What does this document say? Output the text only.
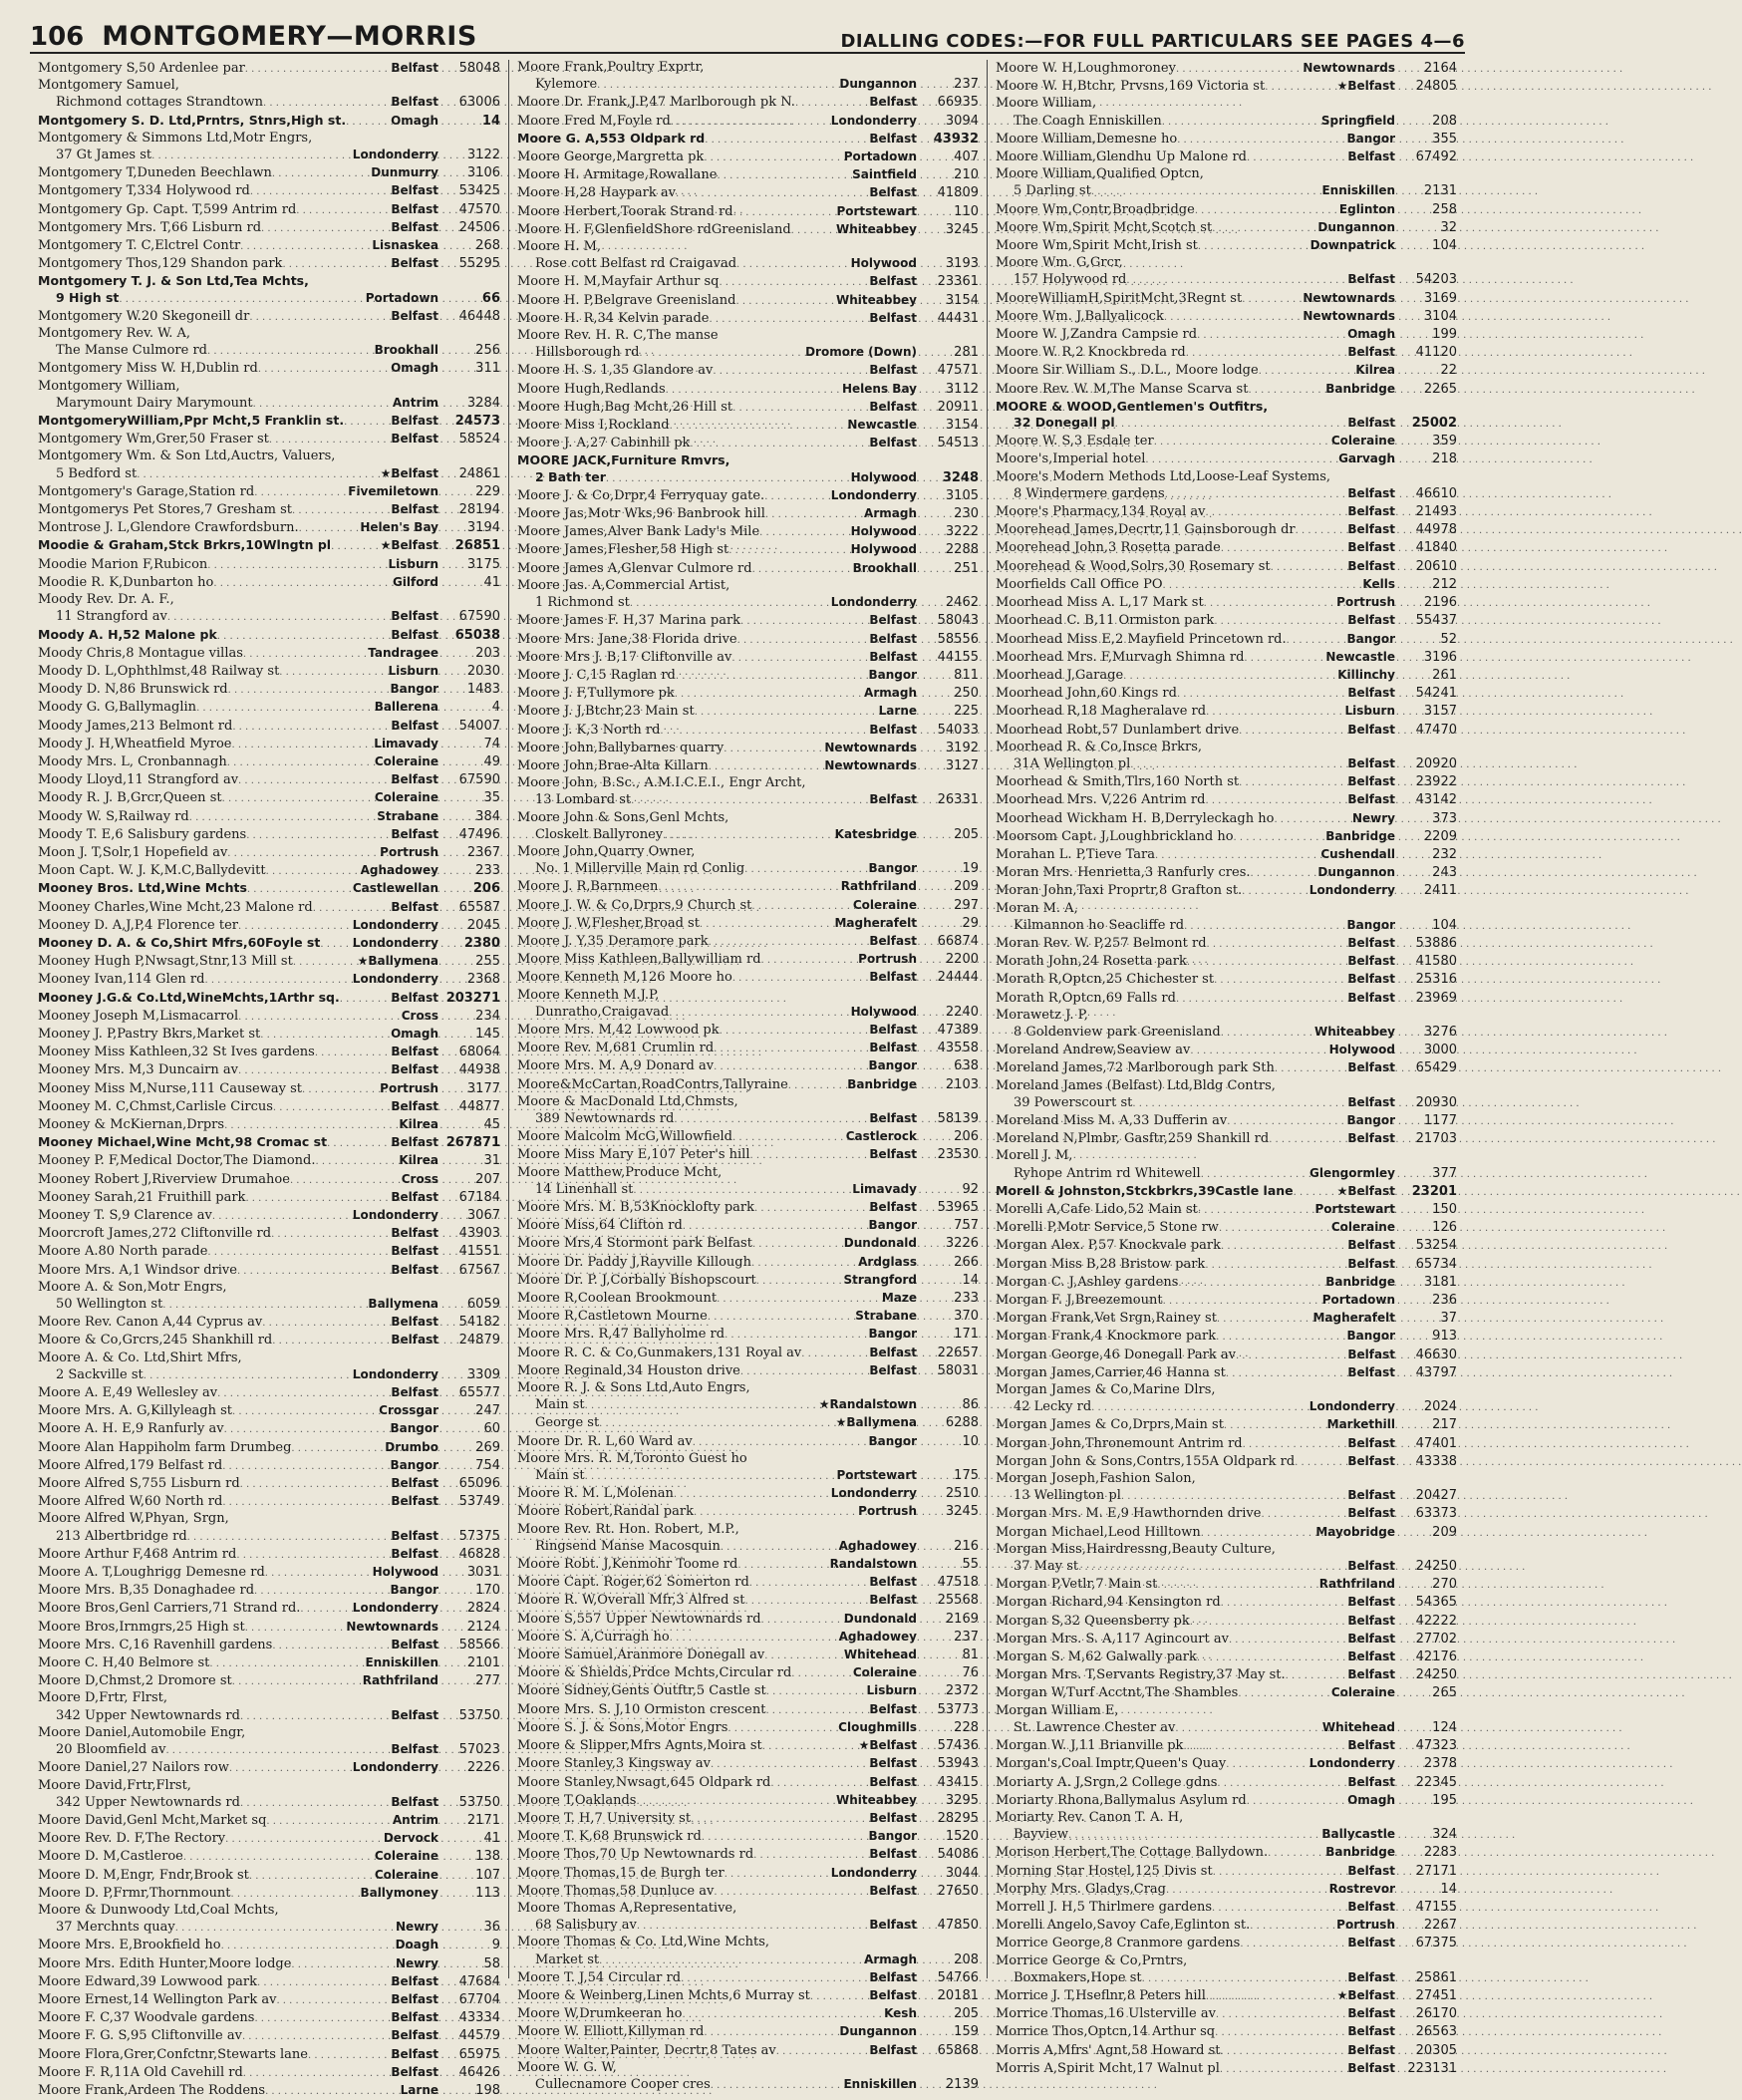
106 MONTGOMERY—MORRIS	DIALLING CODES:—FOR FULL PARTICULARS SEE PAGES 4—6
Montgomery S,50 Ardenlee par . . .	Belfast	58048
Montgomery Samuel,
Richmond cottages Strandtown . . .	Belfast	63006
Montgomery S. D. Ltd,Prntrs, Stnrs,High st. . . .	Omagh	14
Montgomery & Simmons Ltd,Motr Engrs,
37 Gt James st . . .	Londonderry	3122
Montgomery T,Duneden Beechlawn . . .	Dunmurry	3106
Montgomery T,334 Holywood rd . . .	Belfast	53425
Montgomery Gp. Capt. T,599 Antrim rd . . .	Belfast	47570
Montgomery Mrs. T,66 Lisburn rd . . .	Belfast	24506
Montgomery T. C,Elctrel Contr . . .	Lisnaskea	268
Montgomery Thos,129 Shandon park . . .	Belfast	55295
Montgomery T. J. & Son Ltd,Tea Mchts,
9 High st . . .	Portadown	66
Montgomery W.20 Skegoneill dr . . .	Belfast	46448
Montgomery Rev. W. A,
The Manse Culmore rd . . .	Brookhall	256
Montgomery Miss W. H,Dublin rd . . .	Omagh	311
Montgomery William,
Marymount Dairy Marymount . . .	Antrim	3284
MontgomeryWilliam,Ppr Mcht,5 Franklin st. . . .	Belfast	24573
Montgomery Wm,Grer,50 Fraser st . . .	Belfast	58524
Montgomery Wm. & Son Ltd,Auctrs, Valuers,
5 Bedford st . . .	★Belfast	24861
Montgomery's Garage,Station rd . . .	Fivemiletown	229
Montgomerys Pet Stores,7 Gresham st . . .	Belfast	28194
Montrose J. L,Glendore Crawfordsburn. . . .	Helen's Bay	3194
Moodie & Graham,Stck Brkrs,10Wlngtn pl . . .	★Belfast	26851
Moodie Marion F,Rubicon . . .	Lisburn	3175
Moodie R. K,Dunbarton ho . . .	Gilford	41
Moody Rev. Dr. A. F.,
11 Strangford av . . .	Belfast	67590
Moody A. H,52 Malone pk . . .	Belfast	65038
Moody Chris,8 Montague villas . . .	Tandragee	203
Moody D. L,Ophthlmst,48 Railway st . . .	Lisburn	2030
Moody D. N,86 Brunswick rd . . .	Bangor	1483
Moody G. G,Ballymaglin . . .	Ballerena	4
Moody James,213 Belmont rd . . .	Belfast	54007
Moody J. H,Wheatfield Myroe . . .	Limavady	74
Moody Mrs. L, Cronbannagh . . .	Coleraine	49
Moody Lloyd,11 Strangford av . . .	Belfast	67590
Moody R. J. B,Grcr,Queen st . . .	Coleraine	35
Moody W. S,Railway rd . . .	Strabane	384
Moody T. E,6 Salisbury gardens . . .	Belfast	47496
Moon J. T,Solr,1 Hopefield av . . .	Portrush	2367
Moon Capt. W. J. K,M.C,Ballydevitt . . .	Aghadowey	233
Mooney Bros. Ltd,Wine Mchts . . .	Castlewellan	206
Mooney Charles,Wine Mcht,23 Malone rd . . .	Belfast	65587
Mooney D. A,J,P,4 Florence ter . . .	Londonderry	2045
Mooney D. A. & Co,Shirt Mfrs,60Foyle st . . .	Londonderry	2380
Mooney Hugh P,Nwsagt,Stnr,13 Mill st . . .	★Ballymena	255
Mooney Ivan,114 Glen rd . . .	Londonderry	2368
Mooney J.G.& Co.Ltd,WineMchts,1Arthr sq. . . .	Belfast 203271
Mooney Joseph M,Lismacarrol . . .	Cross	234
Mooney J. P,Pastry Bkrs,Market st . . .	Omagh	145
Mooney Miss Kathleen,32 St Ives gardens . . .	Belfast	68064
Mooney Mrs. M,3 Duncairn av . . .	Belfast	44938
Mooney Miss M,Nurse,111 Causeway st . . .	Portrush	3177
Mooney M. C,Chmst,Carlisle Circus . . .	Belfast	44877
Mooney & McKiernan,Drprs . . .	Kilrea	45
Mooney Michael,Wine Mcht,98 Cromac st . . .	Belfast 267871
Mooney P. F,Medical Doctor,The Diamond. . . .	Kilrea	31
Mooney Robert J,Riverview Drumahoe . . .	Cross	207
Mooney Sarah,21 Fruithill park . . .	Belfast	67184
Mooney T. S,9 Clarence av . . .	Londonderry	3067
Moorcroft James,272 Cliftonville rd . . .	Belfast	43903
Moore A.80 North parade . . .	Belfast	41551
Moore Mrs. A,1 Windsor drive . . .	Belfast	67567
Moore A. & Son,Motr Engrs,
50 Wellington st . . .	Ballymena	6059
Moore Rev. Canon A,44 Cyprus av . . .	Belfast	54182
Moore & Co,Grcrs,245 Shankhill rd . . .	Belfast	24879
Moore A. & Co. Ltd,Shirt Mfrs,
2 Sackville st . . .	Londonderry	3309
Moore A. E,49 Wellesley av . . .	Belfast	65577
Moore Mrs. A. G,Killyleagh st . . .	Crossgar	247
Moore A. H. E,9 Ranfurly av . . .	Bangor	60
Moore Alan Happiholm farm Drumbeg . . .	Drumbo	269
Moore Alfred,179 Belfast rd . . .	Bangor	754
Moore Alfred S,755 Lisburn rd . . .	Belfast	65096
Moore Alfred W,60 North rd . . .	Belfast	53749
Moore Alfred W,Phyan, Srgn,
213 Albertbridge rd . . .	Belfast	57375
Moore Arthur F,468 Antrim rd . . .	Belfast	46828
Moore A. T,Loughrigg Demesne rd . . .	Holywood	3031
Moore Mrs. B,35 Donaghadee rd . . .	Bangor	170
Moore Bros,Genl Carriers,71 Strand rd. . . .	Londonderry	2824
Moore Bros,Irnmgrs,25 High st . . .	Newtownards	2124
Moore Mrs. C,16 Ravenhill gardens . . .	Belfast	58566
Moore C. H,40 Belmore st . . .	Enniskillen	2101
Moore D,Chmst,2 Dromore st . . .	Rathfriland	277
Moore D,Frtr, Flrst,
342 Upper Newtownards rd . . .	Belfast	53750
Moore Daniel,Automobile Engr,
20 Bloomfield av . . .	Belfast	57023
Moore Daniel,27 Nailors row . . .	Londonderry	2226
Moore David,Frtr,Flrst,
342 Upper Newtownards rd . . .	Belfast	53750
Moore David,Genl Mcht,Market sq . . .	Antrim	2171
Moore Rev. D. F,The Rectory . . .	Dervock	41
Moore D. M,Castleroe . . .	Coleraine	138
Moore D. M,Engr, Fndr,Brook st . . .	Coleraine	107
Moore D. P,Frmr,Thornmount . . .	Ballymoney	113
Moore & Dunwoody Ltd,Coal Mchts,
37 Merchnts quay . . .	Newry	36
Moore Mrs. E,Brookfield ho . . .	Doagh	9
Moore Mrs. Edith Hunter,Moore lodge . . .	Newry	58
Moore Edward,39 Lowwood park . . .	Belfast	47684
Moore Ernest,14 Wellington Park av . . .	Belfast	67704
Moore F. C,37 Woodvale gardens . . .	Belfast	43334
Moore F. G. S,95 Cliftonville av . . .	Belfast	44579
Moore Flora,Grer,Confctnr,Stewarts lane . . .	Belfast	65975
Moore F. R,11A Old Cavehill rd . . .	Belfast	46426
Moore Frank,Ardeen The Roddens . . .	Larne	198
Moore Frank,Poultry Exprtr,
Kylemore . . .	Dungannon	237
Moore Dr. Frank,J.P,47 Marlborough pk N. . . .	Belfast	66935
Moore Fred M,Foyle rd . . .	Londonderry	3094
Moore G. A,553 Oldpark rd . . .	Belfast	43932
Moore George,Margretta pk . . .	Portadown	407
Moore H. Armitage,Rowallane . . .	Saintfield	210
Moore H,28 Haypark av . . .	Belfast	41809
Moore Herbert,Toorak Strand rd . . .	Portstewart	110
Moore H. F,GlenfieldShore rdGreenisland . . .	Whiteabbey	3245
Moore H. M,
Rose cott Belfast rd Craigavad . . .	Holywood	3193
Moore H. M,Mayfair Arthur sq . . .	Belfast	23361
Moore H. P,Belgrave Greenisland . . .	Whiteabbey	3154
Moore H. R,34 Kelvin parade . . .	Belfast	44431
Moore Rev. H. R. C,The manse
Hillsborough rd . . .	Dromore (Down)	281
Moore H. S. 1,35 Glandore av . . .	Belfast	47571
Moore Hugh,Redlands . . .	Helens Bay	3112
Moore Hugh,Bag Mcht,26 Hill st . . .	Belfast	20911
Moore Miss I,Rockland . . .	Newcastle	3154
Moore J. A,27 Cabinhill pk . . .	Belfast	54513
MOORE JACK,Furniture Rmvrs,
2 Bath ter . . .	Holywood	3248
Moore J. & Co,Drpr,4 Ferryquay gate. . . .	Londonderry	3105
Moore Jas,Motr Wks,96 Banbrook hill . . .	Armagh	230
Moore James,Alver Bank Lady's Mile . . .	Holywood	3222
Moore James,Flesher,58 High st . . .	Holywood	2288
Moore James A,Glenvar Culmore rd . . .	Brookhall	251
Moore Jas. A,Commercial Artist,
1 Richmond st . . .	Londonderry	2462
Moore James F. H,37 Marina park . . .	Belfast	58043
Moore Mrs. Jane,38 Florida drive . . .	Belfast	58556
Moore Mrs J. B,17 Cliftonville av . . .	Belfast	44155
Moore J. C,15 Raglan rd . . .	Bangor	811
Moore J. F,Tullymore pk . . .	Armagh	250
Moore J. J,Btchr,23 Main st . . .	Larne	225
Moore J. K,3 North rd . . .	Belfast	54033
Moore John,Ballybarnes quarry . . .	Newtownards	3192
Moore John,Brae-Alta Killarn . . .	Newtownards	3127
Moore John, B.Sc., A.M.I.C.E.I., Engr Archt,
13 Lombard st . . .	Belfast	26331
Moore John & Sons,Genl Mchts,
Closkelt Ballyroney . . .	Katesbridge	205
Moore John,Quarry Owner,
No. 1 Millerville Main rd Conlig . . .	Bangor	19
Moore J. R,Barnmeen . . .	Rathfriland	209
Moore J. W. & Co,Drprs,9 Church st . . .	Coleraine	297
Moore J. W,Flesher,Broad st . . .	Magherafelt	29
Moore J. Y,35 Deramore park . . .	Belfast	66874
Moore Miss Kathleen,Ballywilliam rd . . .	Portrush	2200
Moore Kenneth M,126 Moore ho . . .	Belfast	24444
Moore Kenneth M.J.P,
Dunratho,Craigavad . . .	Holywood	2240
Moore Mrs. M,42 Lowwood pk . . .	Belfast	47389
Moore Rev. M,681 Crumlin rd . . .	Belfast	43558
Moore Mrs. M. A,9 Donard av . . .	Bangor	638
Moore&McCartan,RoadContrs,Tallyraine . . .	Banbridge	2103
Moore & MacDonald Ltd,Chmsts,
389 Newtownards rd . . .	Belfast	58139
Moore Malcolm McG,Willowfield . . .	Castlerock	206
Moore Miss Mary E,107 Peter's hill . . .	Belfast	23530
Moore Matthew,Produce Mcht,
14 Linenhall st . . .	Limavady	92
Moore Mrs. M. B,53Knocklofty park . . .	Belfast	53965
Moore Miss,64 Clifton rd . . .	Bangor	757
Moore Mrs,4 Stormont park Belfast . . .	Dundonald	3226
Moore Dr. Paddy J,Rayville Killough . . .	Ardglass	266
Moore Dr. P. J,Corbally Bishopscourt . . .	Strangford	14
Moore R,Coolean Brookmount . . .	Maze	233
Moore R,Castletown Mourne . . .	Strabane	370
Moore Mrs. R,47 Ballyholme rd . . .	Bangor	171
Moore R. C. & Co,Gunmakers,131 Royal av . . .	Belfast	22657
Moore Reginald,34 Houston drive . . .	Belfast	58031
Moore R. J. & Sons Ltd,Auto Engrs,
Main st . . .	★Randalstown	86
George st . . .	★Ballymena	6288
Moore Dr. R. L,60 Ward av . . .	Bangor	10
Moore Mrs. R. M,Toronto Guest ho
Main st . . .	Portstewart	175
Moore R. M. L,Molenan . . .	Londonderry	2510
Moore Robert,Randal park . . .	Portrush	3245
Moore Rev. Rt. Hon. Robert, M.P.,
Ringsend Manse Macosquin . . .	Aghadowey	216
Moore Robt. J,Kenmohr Toome rd . . .	Randalstown	55
Moore Capt. Roger,62 Somerton rd . . .	Belfast	47518
Moore R. W,Overall Mfr,3 Alfred st . . .	Belfast	25568
Moore S,557 Upper Newtownards rd . . .	Dundonald	2169
Moore S. A,Curragh ho . . .	Aghadowey	237
Moore Samuel,Aranmore Donegall av . . .	Whitehead	81
Moore & Shields,Prdce Mchts,Circular rd . . .	Coleraine	76
Moore Sidney,Gents Outftr,5 Castle st . . .	Lisburn	2372
Moore Mrs. S. J,10 Ormiston crescent . . .	Belfast	53773
Moore S. J. & Sons,Motor Engrs . . .	Cloughmills	228
Moore & Slipper,Mfrs Agnts,Moira st . . .	★Belfast	57436
Moore Stanley,3 Kingsway av . . .	Belfast	53943
Moore Stanley,Nwsagt,645 Oldpark rd . . .	Belfast	43415
Moore T,Oaklands . . .	Whiteabbey	3295
Moore T. H,7 University st . . .	Belfast	28295
Moore T. K,68 Brunswick rd . . .	Bangor	1520
Moore Thos,70 Up Newtownards rd . . .	Belfast	54086
Moore Thomas,15 de Burgh ter . . .	Londonderry	3044
Moore Thomas,58 Dunluce av . . .	Belfast	27650
Moore Thomas A,Representative,
68 Salisbury av . . .	Belfast	47850
Moore Thomas & Co. Ltd,Wine Mchts,
Market st . . .	Armagh	208
Moore T. J,54 Circular rd . . .	Belfast	54766
Moore & Weinberg,Linen Mchts,6 Murray st . . .	Belfast	20181
Moore W,Drumkeeran ho . . .	Kesh	205
Moore W. Elliott,Killyman rd . . .	Dungannon	159
Moore Walter,Painter, Decrtr,8 Tates av . . .	Belfast	65868
Moore W. G. W,
Cullecnamore Cooper cres . . .	Enniskillen	2139
Moore W. H,Loughmoroney . . .	Newtownards	2164
Moore W. H,Btchr, Prvsns,169 Victoria st . . .	★Belfast	24805
Moore William,
The Coagh Enniskillen . . .	Springfield	208
Moore William,Demesne ho . . .	Bangor	355
Moore William,Glendhu Up Malone rd . . .	Belfast	67492
Moore William,Qualified Optcn,
5 Darling st . . .	Enniskillen	2131
Moore Wm,Contr,Broadbridge . . .	Eglinton	258
Moore Wm,Spirit Mcht,Scotch st . . .	Dungannon	32
Moore Wm,Spirit Mcht,Irish st . . .	Downpatrick	104
Moore Wm. G,Grcr,
157 Holywood rd . . .	Belfast	54203
MooreWilliamH,SpiritMcht,3Regnt st . . .	Newtownards	3169
Moore Wm. J,Ballyalicock . . .	Newtownards	3104
Moore W. J,Zandra Campsie rd . . .	Omagh	199
Moore W. R,2 Knockbreda rd . . .	Belfast	41120
Moore Sir William S., D.L., Moore lodge . . .	Kilrea	22
Moore Rev. W. M,The Manse Scarva st . . .	Banbridge	2265
MOORE & WOOD,Gentlemen's Outfitrs,
32 Donegall pl . . .	Belfast	25002
Moore W. S,3 Esdale ter . . .	Coleraine	359
Moore's,Imperial hotel . . .	Garvagh	218
Moore's Modern Methods Ltd,Loose-Leaf Systems,
8 Windermere gardens . . .	Belfast	46610
Moore's Pharmacy,134 Royal av . . .	Belfast	21493
Moorehead James,Decrtr,11 Gainsborough dr . . .	Belfast	44978
Moorehead John,3 Rosetta parade . . .	Belfast	41840
Moorehead & Wood,Solrs,30 Rosemary st . . .	Belfast	20610
Moorfields Call Office PO . . .	Kells	212
Moorhead Miss A. L,17 Mark st . . .	Portrush	2196
Moorhead C. B,11 Ormiston park . . .	Belfast	55437
Moorhead Miss E,2 Mayfield Princetown rd. . . .	Bangor	52
Moorhead Mrs. F,Murvagh Shimna rd . . .	Newcastle	3196
Moorhead J,Garage . . .	Killinchy	261
Moorhead John,60 Kings rd . . .	Belfast	54241
Moorhead R,18 Magheralave rd . . .	Lisburn	3157
Moorhead Robt,57 Dunlambert drive . . .	Belfast	47470
Moorhead R. & Co,Insce Brkrs,
31A Wellington pl . . .	Belfast	20920
Moorhead & Smith,Tlrs,160 North st . . .	Belfast	23922
Moorhead Mrs. V,226 Antrim rd . . .	Belfast	43142
Moorhead Wickham H. B,Derryleckagh ho . . .	Newry	373
Moorsom Capt. J,Loughbrickland ho . . .	Banbridge	2209
Morahan L. P,Tieve Tara . . .	Cushendall	232
Moran Mrs. Henrietta,3 Ranfurly cres. . . .	Dungannon	243
Moran John,Taxi Proprtr,8 Grafton st. . . .	Londonderry	2411
Moran M. A,
Kilmannon ho Seacliffe rd . . .	Bangor	104
Moran Rev. W. P,257 Belmont rd . . .	Belfast	53886
Morath John,24 Rosetta park . . .	Belfast	41580
Morath R,Optcn,25 Chichester st . . .	Belfast	25316
Morath R,Optcn,69 Falls rd . . .	Belfast	23969
Morawetz J. P,
8 Goldenview park Greenisland . . .	Whiteabbey	3276
Moreland Andrew,Seaview av . . .	Holywood	3000
Moreland James,72 Marlborough park Sth . . .	Belfast	65429
Moreland James (Belfast) Ltd,Bldg Contrs,
39 Powerscourt st . . .	Belfast	20930
Moreland Miss M. A,33 Dufferin av . . .	Bangor	1177
Moreland N,Plmbr, Gasftr,259 Shankill rd . . .	Belfast	21703
Morell J. M,
Ryhope Antrim rd Whitewell . . .	Glengormley	377
Morell & Johnston,Stckbrkrs,39Castle lane . . .	★Belfast	23201
Morelli A,Cafe Lido,52 Main st . . .	Portstewart	150
Morelli P,Motr Service,5 Stone rw . . .	Coleraine	126
Morgan Alex. P,57 Knockvale park . . .	Belfast	53254
Morgan Miss B,28 Bristow park . . .	Belfast	65734
Morgan C. J,Ashley gardens . . .	Banbridge	3181
Morgan F. J,Breezemount . . .	Portadown	236
Morgan Frank,Vet Srgn,Rainey st . . .	Magherafelt	37
Morgan Frank,4 Knockmore park . . .	Bangor	913
Morgan George,46 Donegall Park av . . .	Belfast	46630
Morgan James,Carrier,46 Hanna st . . .	Belfast	43797
Morgan James & Co,Marine Dlrs,
42 Lecky rd . . .	Londonderry	2024
Morgan James & Co,Drprs,Main st . . .	Markethill	217
Morgan John,Thronemount Antrim rd . . .	Belfast	47401
Morgan John & Sons,Contrs,155A Oldpark rd . . .	Belfast	43338
Morgan Joseph,Fashion Salon,
13 Wellington pl . . .	Belfast	20427
Morgan Mrs. M. E,9 Hawthornden drive . . .	Belfast	63373
Morgan Michael,Leod Hilltown . . .	Mayobridge	209
Morgan Miss,Hairdressng,Beauty Culture,
37 May st . . .	Belfast	24250
Morgan P,Vetlr,7 Main st . . .	Rathfriland	270
Morgan Richard,94 Kensington rd . . .	Belfast	54365
Morgan S,32 Queensberry pk . . .	Belfast	42222
Morgan Mrs. S. A,117 Agincourt av . . .	Belfast	27702
Morgan S. M,62 Galwally park . . .	Belfast	42176
Morgan Mrs. T,Servants Registry,37 May st. . . .	Belfast	24250
Morgan W,Turf Acctnt,The Shambles . . .	Coleraine	265
Morgan William E,
St. Lawrence Chester av . . .	Whitehead	124
Morgan W. J,11 Brianville pk . . .	Belfast	47323
Morgan's,Coal Imptr,Queen's Quay . . .	Londonderry	2378
Moriarty A. J,Srgn,2 College gdns . . .	Belfast	22345
Moriarty Rhona,Ballymalus Asylum rd . . .	Omagh	195
Moriarty Rev. Canon T. A. H,
Bayview . . .	Ballycastle	324
Morison Herbert,The Cottage Ballydown. . . .	Banbridge	2283
Morning Star Hostel,125 Divis st . . .	Belfast	27171
Morphy Mrs. Gladys,Crag . . .	Rostrevor	14
Morrell J. H,5 Thirlmere gardens . . .	Belfast	47155
Morelli Angelo,Savoy Cafe,Eglinton st. . . .	Portrush	2267
Morrice George,8 Cranmore gardens . . .	Belfast	67375
Morrice George & Co,Prntrs,
Boxmakers,Hope st . . .	Belfast	25861
Morrice J. T,Hseflnr,8 Peters hill . . .	★Belfast	27451
Morrice Thomas,16 Ulsterville av . . .	Belfast	26170
Morrice Thos,Optcn,14 Arthur sq . . .	Belfast	26563
Morris A,Mfrs' Agnt,58 Howard st . . .	Belfast	20305
Morris A,Spirit Mcht,17 Walnut pl . . .	Belfast 223131
